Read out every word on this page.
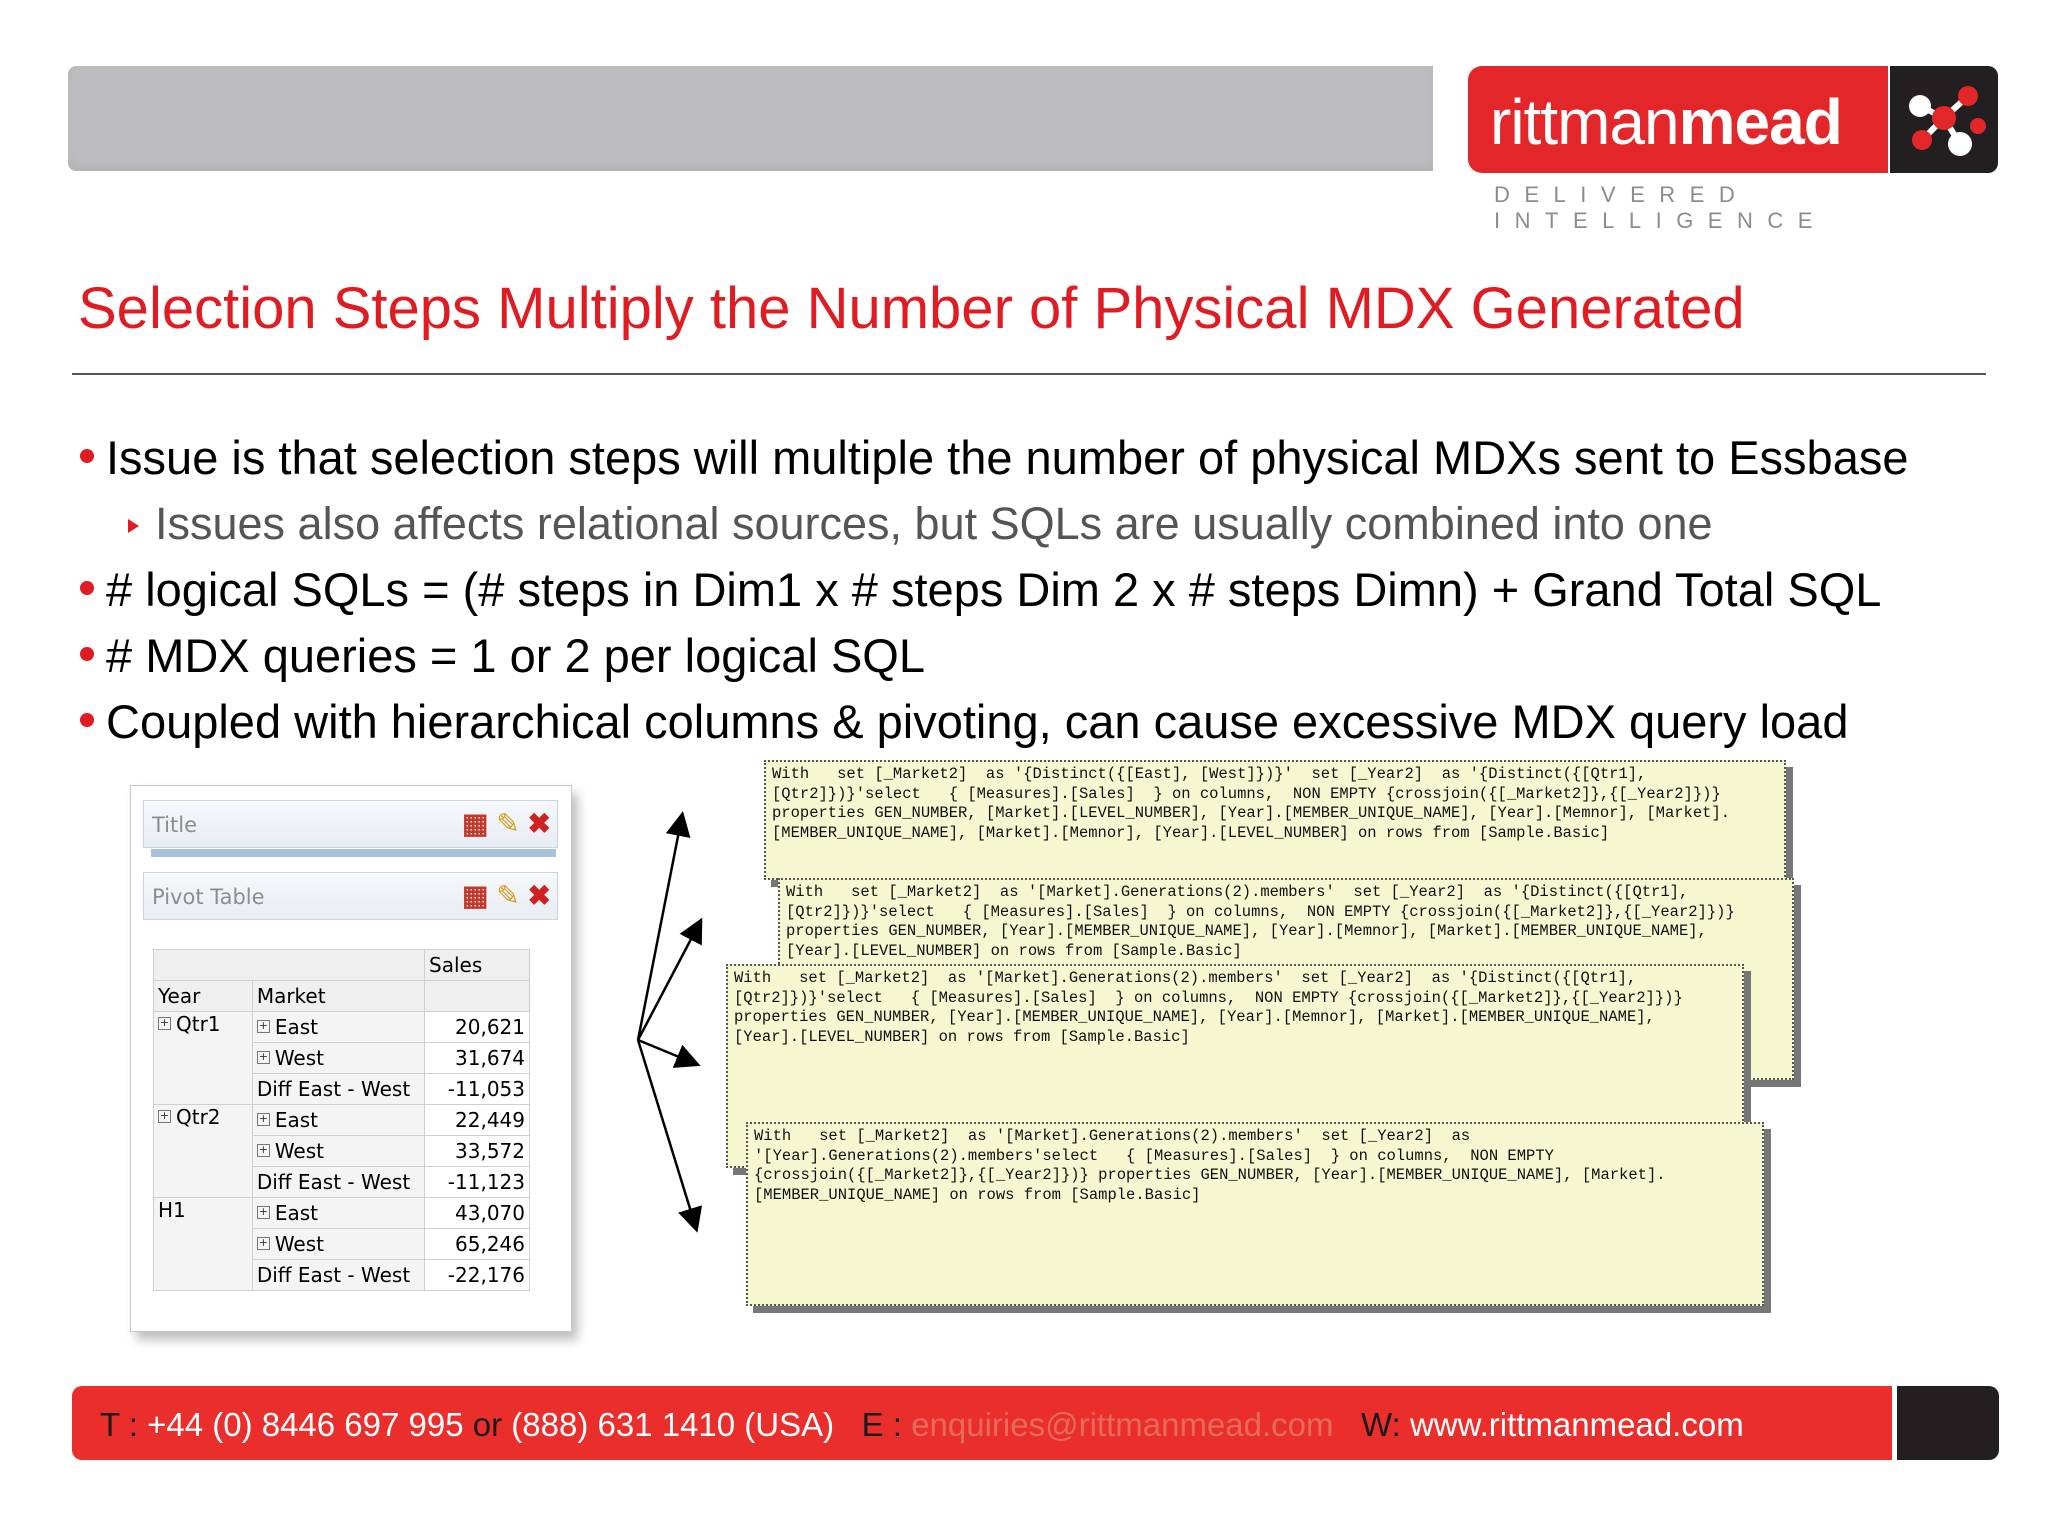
rittmanmead
DELIVERED INTELLIGENCE
Selection Steps Multiply the Number of Physical MDX Generated
Issue is that selection steps will multiple the number of physical MDXs sent to Essbase
Issues also affects relational sources, but SQLs are usually combined into one
# logical SQLs = (# steps in Dim1 x # steps Dim 2 x # steps Dimn) + Grand Total SQL
# MDX queries = 1 or 2 per logical SQL
Coupled with hierarchical columns & pivoting, can cause excessive MDX query load
Title	▦ ✎ ✖
Pivot Table	▦ ✎ ✖
		Sales
Year	Market	
+ Qtr1	+ East	20,621
	+ West	31,674
	Diff East - West	-11,053
+ Qtr2	+ East	22,449
	+ West	33,572
	Diff East - West	-11,123
H1	+ East	43,070
	+ West	65,246
	Diff East - West	-22,176
With   set [_Market2]  as '{Distinct({[East], [West]})}'  set [_Year2]  as '{Distinct({[Qtr1],
[Qtr2]})}'select   { [Measures].[Sales]  } on columns,  NON EMPTY {crossjoin({[_Market2]},{[_Year2]})}
properties GEN_NUMBER, [Market].[LEVEL_NUMBER], [Year].[MEMBER_UNIQUE_NAME], [Year].[Memnor], [Market].
[MEMBER_UNIQUE_NAME], [Market].[Memnor], [Year].[LEVEL_NUMBER] on rows from [Sample.Basic]
With   set [_Market2]  as '[Market].Generations(2).members'  set [_Year2]  as '{Distinct({[Qtr1],
[Qtr2]})}'select   { [Measures].[Sales]  } on columns,  NON EMPTY {crossjoin({[_Market2]},{[_Year2]})}
properties GEN_NUMBER, [Year].[MEMBER_UNIQUE_NAME], [Year].[Memnor], [Market].[MEMBER_UNIQUE_NAME],
[Year].[LEVEL_NUMBER] on rows from [Sample.Basic]
With   set [_Market2]  as '[Market].Generations(2).members'  set [_Year2]  as '{Distinct({[Qtr1],
[Qtr2]})}'select   { [Measures].[Sales]  } on columns,  NON EMPTY {crossjoin({[_Market2]},{[_Year2]})}
properties GEN_NUMBER, [Year].[MEMBER_UNIQUE_NAME], [Year].[Memnor], [Market].[MEMBER_UNIQUE_NAME],
[Year].[LEVEL_NUMBER] on rows from [Sample.Basic]
With   set [_Market2]  as '[Market].Generations(2).members'  set [_Year2]  as
'[Year].Generations(2).members'select   { [Measures].[Sales]  } on columns,  NON EMPTY
{crossjoin({[_Market2]},{[_Year2]})} properties GEN_NUMBER, [Year].[MEMBER_UNIQUE_NAME], [Market].
[MEMBER_UNIQUE_NAME] on rows from [Sample.Basic]
T : +44 (0) 8446 697 995 or (888) 631 1410 (USA) E : enquiries@rittmanmead.com W: www.rittmanmead.com
